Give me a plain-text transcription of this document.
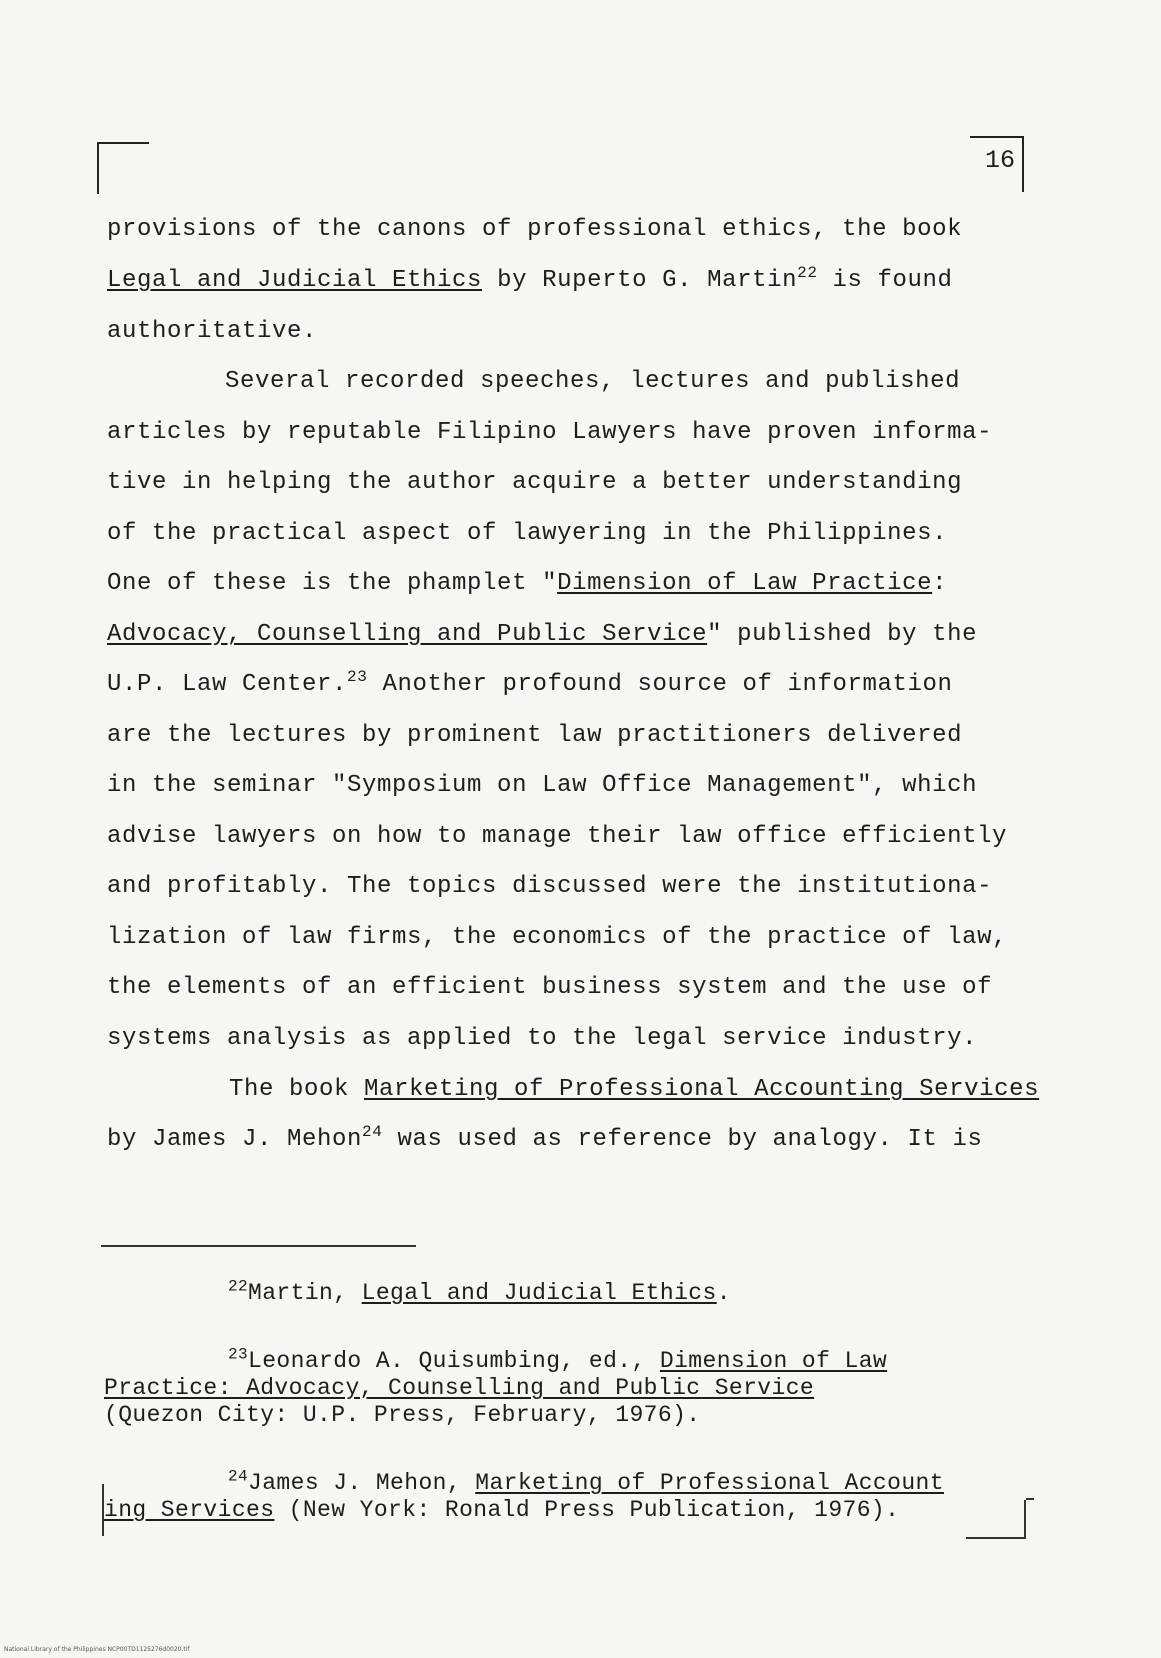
16
provisions of the canons of professional ethics, the book
Legal and Judicial Ethics by Ruperto G. Martin$^{22}$ is found
authoritative.
Several recorded speeches, lectures and published
articles by reputable Filipino Lawyers have proven informa-
tive in helping the author acquire a better understanding
of the practical aspect of lawyering in the Philippines.
One of these is the phamplet "Dimension of Law Practice:
Advocacy, Counselling and Public Service" published by the
U.P. Law Center.$^{23}$ Another profound source of information
are the lectures by prominent law practitioners delivered
in the seminar "Symposium on Law Office Management", which
advise lawyers on how to manage their law office efficiently
and profitably. The topics discussed were the institutiona-
lization of law firms, the economics of the practice of law,
the elements of an efficient business system and the use of
systems analysis as applied to the legal service industry.
The book Marketing of Professional Accounting Services
by James J. Mehon$^{24}$ was used as reference by analogy. It is
$^{22}$Martin, Legal and Judicial Ethics.
$^{23}$Leonardo A. Quisumbing, ed., Dimension of Law
Practice: Advocacy, Counselling and Public Service
(Quezon City: U.P. Press, February, 1976).
$^{24}$James J. Mehon, Marketing of Professional Account
ing Services (New York: Ronald Press Publication, 1976).
National Library of the Philippines NCP00TD1125276d0020.tif
